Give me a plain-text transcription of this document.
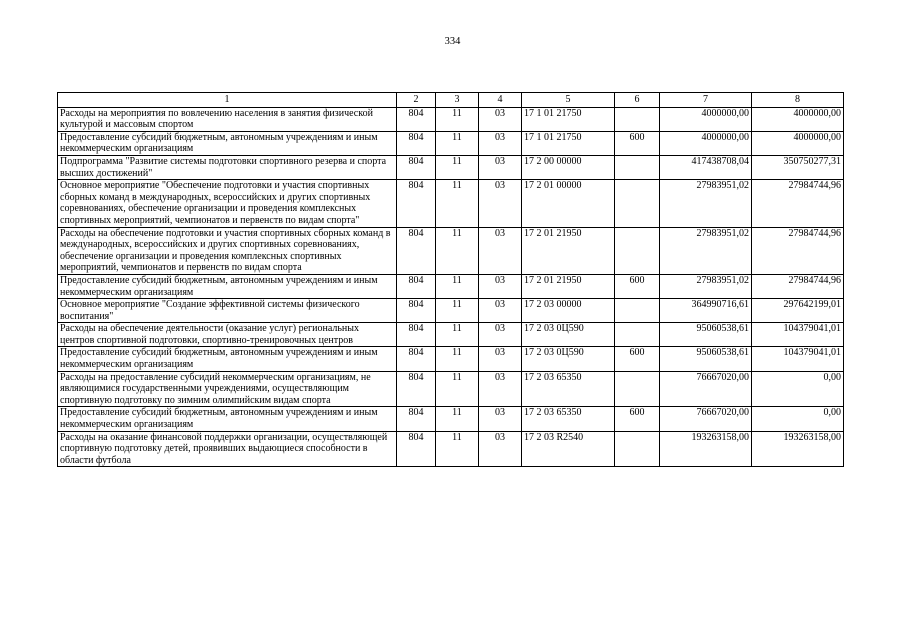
334
1	2	3	4	5	6	7	8
Расходы на мероприятия по вовлечению населения в занятия физической культурой и массовым спортом	804	11	03	17 1 01 21750		4000000,00	4000000,00
Предоставление субсидий бюджетным, автономным учреждениям и иным некоммерческим организациям	804	11	03	17 1 01 21750	600	4000000,00	4000000,00
Подпрограмма "Развитие системы подготовки спортивного резерва и спорта высших достижений"	804	11	03	17 2 00 00000		417438708,04	350750277,31
Основное мероприятие "Обеспечение подготовки и участия спортивных сборных команд в международных, всероссийских и других спортивных соревнованиях, обеспечение организации и проведения комплексных спортивных мероприятий, чемпионатов и первенств по видам спорта"	804	11	03	17 2 01 00000		27983951,02	27984744,96
Расходы на обеспечение подготовки и участия спортивных сборных команд в международных, всероссийских и других спортивных соревнованиях, обеспечение организации и проведения комплексных спортивных мероприятий, чемпионатов и первенств по видам спорта	804	11	03	17 2 01 21950		27983951,02	27984744,96
Предоставление субсидий бюджетным, автономным учреждениям и иным некоммерческим организациям	804	11	03	17 2 01 21950	600	27983951,02	27984744,96
Основное мероприятие "Создание эффективной системы физического воспитания"	804	11	03	17 2 03 00000		364990716,61	297642199,01
Расходы на обеспечение деятельности (оказание услуг) региональных центров спортивной подготовки, спортивно-тренировочных центров	804	11	03	17 2 03 0Ц590		95060538,61	104379041,01
Предоставление субсидий бюджетным, автономным учреждениям и иным некоммерческим организациям	804	11	03	17 2 03 0Ц590	600	95060538,61	104379041,01
Расходы на предоставление субсидий некоммерческим организациям, не являющимися государственными учреждениями, осуществляющим спортивную подготовку по зимним олимпийским видам спорта	804	11	03	17 2 03 65350		76667020,00	0,00
Предоставление субсидий бюджетным, автономным учреждениям и иным некоммерческим организациям	804	11	03	17 2 03 65350	600	76667020,00	0,00
Расходы на оказание финансовой поддержки организации, осуществляющей спортивную подготовку детей, проявивших выдающиеся способности в области футбола	804	11	03	17 2 03 R2540		193263158,00	193263158,00
